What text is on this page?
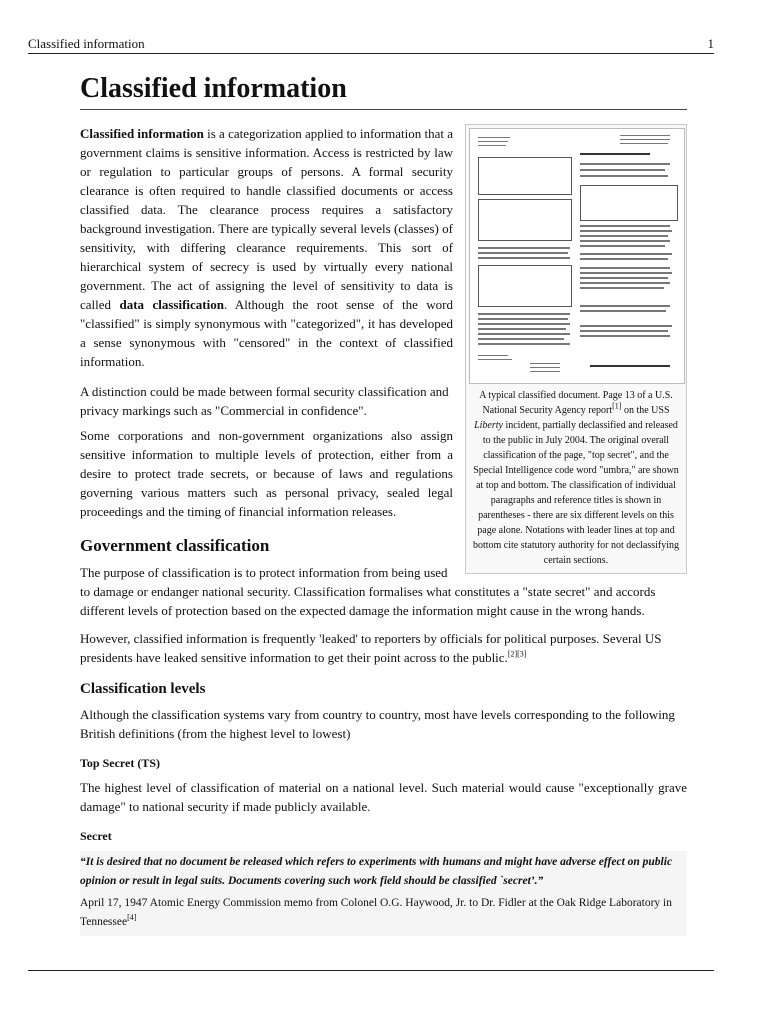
Classified information	1
Classified information
A typical classified document. Page 13 of a U.S. National Security Agency report[1] on the USS Liberty incident, partially declassified and released to the public in July 2004. The original overall classification of the page, "top secret", and the Special Intelligence code word "umbra," are shown at top and bottom. The classification of individual paragraphs and reference titles is shown in parentheses - there are six different levels on this page alone. Notations with leader lines at top and bottom cite statutory authority for not declassifying certain sections.

Classified information is a categorization applied to information that a government claims is sensitive information. Access is restricted by law or regulation to particular groups of persons. A formal security clearance is often required to handle classified documents or access classified data. The clearance process requires a satisfactory background investigation. There are typically several levels (classes) of sensitivity, with differing clearance requirements. This sort of hierarchical system of secrecy is used by virtually every national government. The act of assigning the level of sensitivity to data is called data classification. Although the root sense of the word "classified" is simply synonymous with "categorized", it has developed a sense synonymous with "censored" in the context of classified information.

A distinction could be made between formal security classification and privacy markings such as "Commercial in confidence".

Some corporations and non-government organizations also assign sensitive information to multiple levels of protection, either from a desire to protect trade secrets, or because of laws and regulations governing various matters such as personal privacy, sealed legal proceedings and the timing of financial information releases.

Government classification

The purpose of classification is to protect information from being used to damage or endanger national security. Classification formalises what constitutes a "state secret" and accords different levels of protection based on the expected damage the information might cause in the wrong hands.

However, classified information is frequently 'leaked' to reporters by officials for political purposes. Several US presidents have leaked sensitive information to get their point across to the public.[2][3]

Classification levels

Although the classification systems vary from country to country, most have levels corresponding to the following British definitions (from the highest level to lowest)

Top Secret (TS)

The highest level of classification of material on a national level. Such material would cause "exceptionally grave damage" to national security if made publicly available.

Secret

“It is desired that no document be released which refers to experiments with humans and might have adverse effect on public opinion or result in legal suits. Documents covering such work field should be classified `secret’.”

April 17, 1947 Atomic Energy Commission memo from Colonel O.G. Haywood, Jr. to Dr. Fidler at the Oak Ridge Laboratory in Tennessee[4]
